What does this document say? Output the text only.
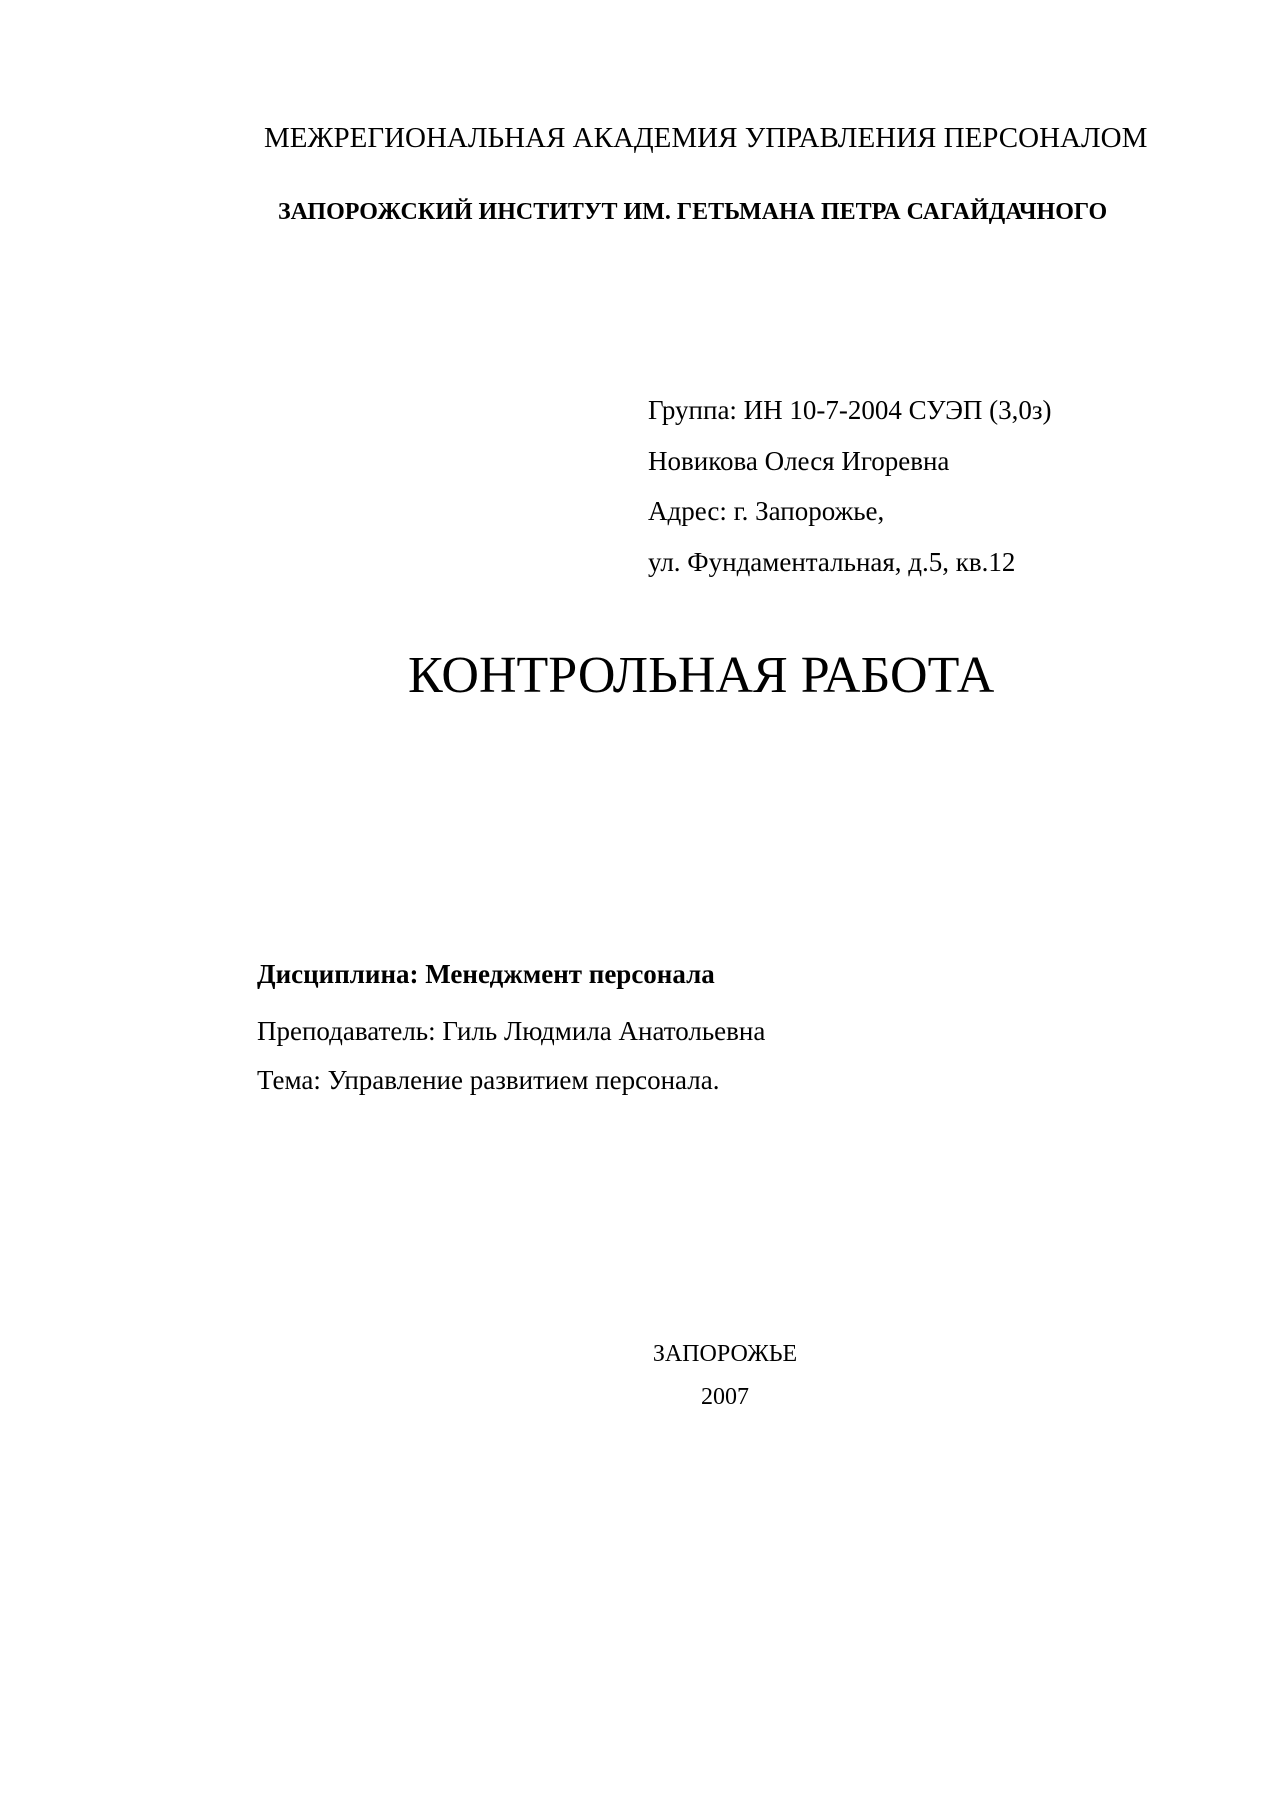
МЕЖРЕГИОНАЛЬНАЯ АКАДЕМИЯ УПРАВЛЕНИЯ ПЕРСОНАЛОМ
ЗАПОРОЖСКИЙ ИНСТИТУТ ИМ. ГЕТЬМАНА ПЕТРА САГАЙДАЧНОГО
Группа: ИН 10-7-2004 СУЭП (3,0з)
Новикова Олеся Игоревна
Адрес: г. Запорожье,
ул. Фундаментальная, д.5, кв.12
КОНТРОЛЬНАЯ РАБОТА
Дисциплина: Менеджмент персонала
Преподаватель: Гиль Людмила Анатольевна
Тема: Управление развитием персонала.
ЗАПОРОЖЬЕ
2007
